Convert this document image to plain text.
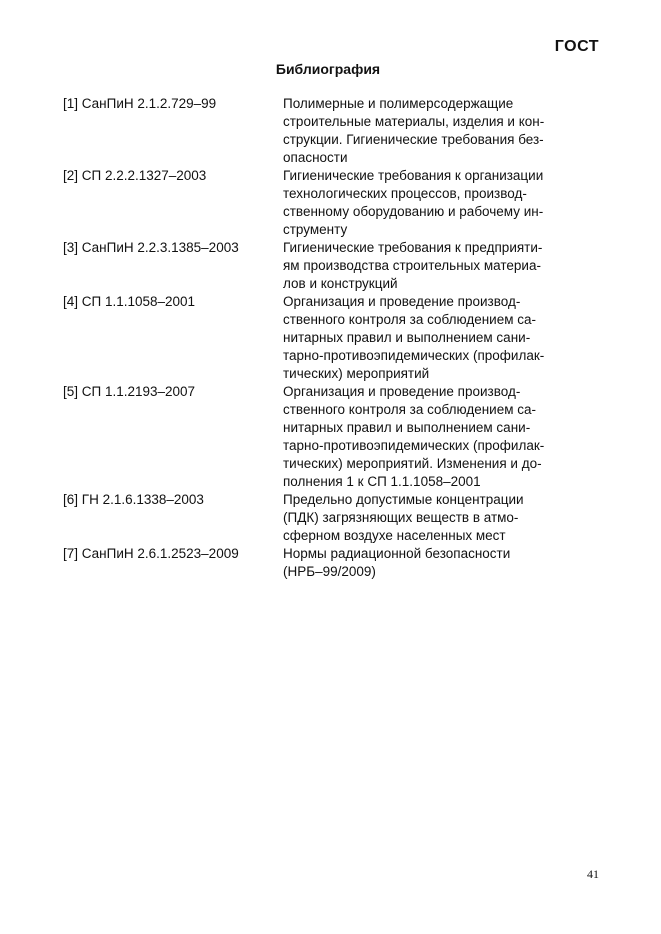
ГОСТ
Библиография
[1] СанПиН 2.1.2.729–99	Полимерные и полимерсодержащие
строительные материалы, изделия и кон-
струкции. Гигиенические требования без-
опасности
[2] СП 2.2.2.1327–2003	Гигиенические требования к организации
технологических процессов, производ-
ственному оборудованию и рабочему ин-
струменту
[3] СанПиН 2.2.3.1385–2003	Гигиенические требования к предприяти-
ям производства строительных материа-
лов и конструкций
[4] СП 1.1.1058–2001	Организация и проведение производ-
ственного контроля за соблюдением са-
нитарных правил и выполнением сани-
тарно-противоэпидемических (профилак-
тических) мероприятий
[5] СП 1.1.2193–2007	Организация и проведение производ-
ственного контроля за соблюдением са-
нитарных правил и выполнением сани-
тарно-противоэпидемических (профилак-
тических) мероприятий. Изменения и до-
полнения 1 к СП 1.1.1058–2001
[6] ГН 2.1.6.1338–2003	Предельно допустимые концентрации
(ПДК) загрязняющих веществ в атмо-
сферном воздухе населенных мест
[7] СанПиН 2.6.1.2523–2009	Нормы радиационной безопасности
(НРБ–99/2009)
41
